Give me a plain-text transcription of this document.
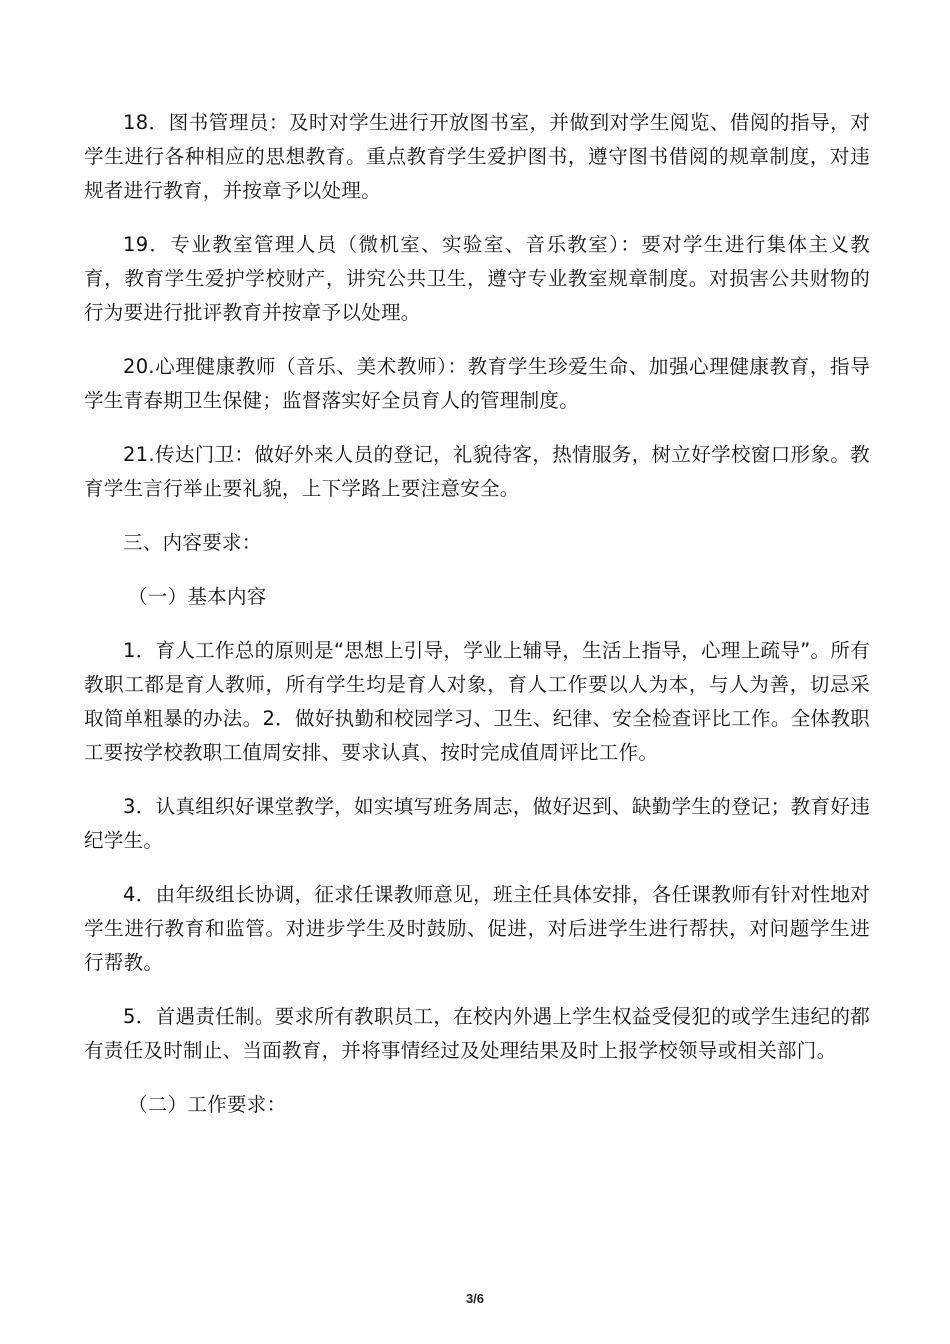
18．图书管理员：及时对学生进行开放图书室，并做到对学生阅览、借阅的指导，对学生进行各种相应的思想教育。重点教育学生爱护图书，遵守图书借阅的规章制度，对违规者进行教育，并按章予以处理。

19．专业教室管理人员（微机室、实验室、音乐教室）：要对学生进行集体主义教育，教育学生爱护学校财产，讲究公共卫生，遵守专业教室规章制度。对损害公共财物的行为要进行批评教育并按章予以处理。

20.心理健康教师（音乐、美术教师）：教育学生珍爱生命、加强心理健康教育，指导学生青春期卫生保健；监督落实好全员育人的管理制度。

21.传达门卫：做好外来人员的登记，礼貌待客，热情服务，树立好学校窗口形象。教育学生言行举止要礼貌，上下学路上要注意安全。

三、内容要求：

（一）基本内容

1．育人工作总的原则是“思想上引导，学业上辅导，生活上指导，心理上疏导”。所有教职工都是育人教师，所有学生均是育人对象，育人工作要以人为本，与人为善，切忌采取简单粗暴的办法。2．做好执勤和校园学习、卫生、纪律、安全检查评比工作。全体教职工要按学校教职工值周安排、要求认真、按时完成值周评比工作。

3．认真组织好课堂教学，如实填写班务周志，做好迟到、缺勤学生的登记；教育好违纪学生。

4．由年级组长协调，征求任课教师意见，班主任具体安排，各任课教师有针对性地对学生进行教育和监管。对进步学生及时鼓励、促进，对后进学生进行帮扶，对问题学生进行帮教。

5．首遇责任制。要求所有教职员工，在校内外遇上学生权益受侵犯的或学生违纪的都有责任及时制止、当面教育，并将事情经过及处理结果及时上报学校领导或相关部门。

（二）工作要求：

3/6
